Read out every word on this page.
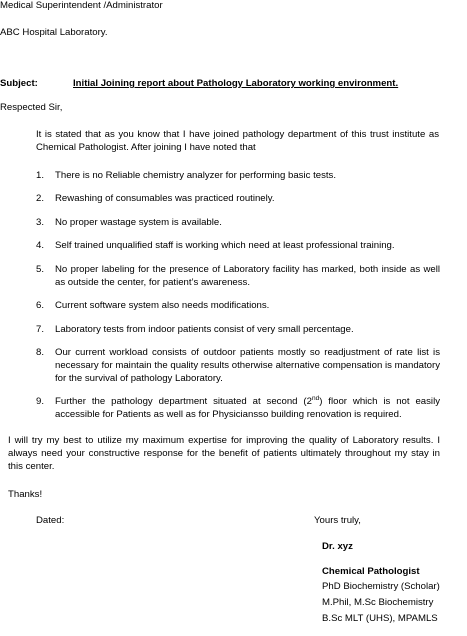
Medical Superintendent /Administrator
ABC Hospital Laboratory.
Subject:	Initial Joining report about Pathology Laboratory working environment.
Respected Sir,
It is stated that as you know that I have joined pathology department of this trust institute as Chemical Pathologist. After joining I have noted that
1. There is no Reliable chemistry analyzer for performing basic tests.
2. Rewashing of consumables was practiced routinely.
3. No proper wastage system is available.
4. Self trained unqualified staff is working which need at least professional training.
5. No proper labeling for the presence of Laboratory facility has marked, both inside as well as outside the center, for patient’s awareness.
6. Current software system also needs modifications.
7. Laboratory tests from indoor patients consist of very small percentage.
8. Our current workload consists of outdoor patients mostly so readjustment of rate list is necessary for maintain the quality results otherwise alternative compensation is mandatory for the survival of pathology Laboratory.
9. Further the pathology department situated at second (2nd) floor which is not easily accessible for Patients as well as for Physiciansso building renovation is required.
I will try my best to utilize my maximum expertise for improving the quality of Laboratory results. I always need your constructive response for the benefit of patients ultimately throughout my stay in this center.
Thanks!
Dated:	Yours truly,
Dr. xyz
Chemical Pathologist
PhD Biochemistry (Scholar)
M.Phil, M.Sc Biochemistry
B.Sc MLT (UHS), MPAMLS
